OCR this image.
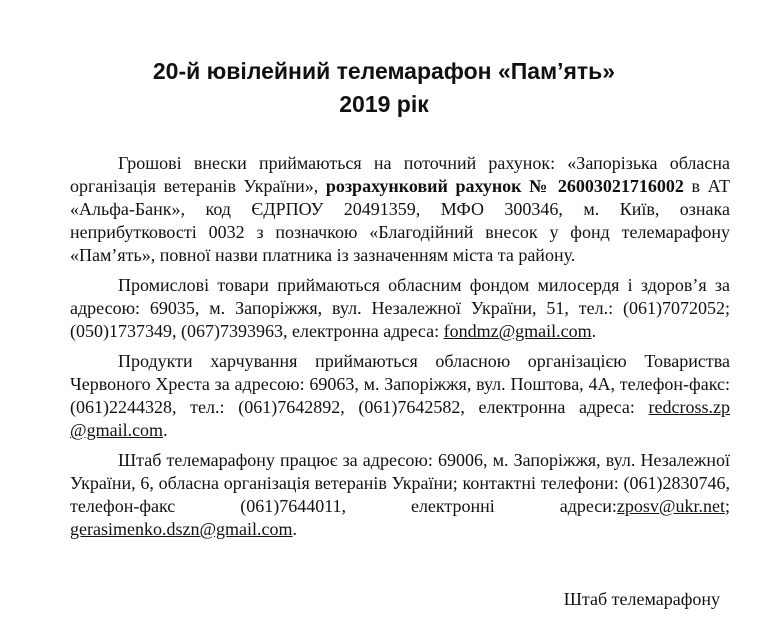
20-й ювілейний телемарафон «Пам’ять»
2019 рік

Грошові внески приймаються на поточний рахунок: «Запорізька обласна організація ветеранів України», розрахунковий рахунок № 26003021716002 в АТ «Альфа-Банк», код ЄДРПОУ 20491359, МФО 300346, м. Київ, ознака неприбутковості 0032 з позначкою «Благодійний внесок у фонд телемарафону «Пам’ять», повної назви платника із зазначенням міста та району.

Промислові товари приймаються обласним фондом милосердя і здоров’я за адресою: 69035, м. Запоріжжя, вул. Незалежної України, 51, тел.: (061)7072052; (050)1737349, (067)7393963, електронна адреса: fondmz@gmail.com.

Продукти харчування приймаються обласною організацією Товариства Червоного Хреста за адресою: 69063, м. Запоріжжя, вул. Поштова, 4А, телефон-факс: (061)2244328, тел.: (061)7642892, (061)7642582, електронна адреса: redcross.zp @gmail.com.

Штаб телемарафону працює за адресою: 69006, м. Запоріжжя, вул. Незалежної України, 6, обласна організація ветеранів України; контактні телефони: (061)2830746, телефон-факс (061)7644011, електронні адреси:zposv@ukr.net; gerasimenko.dszn@gmail.com.

Штаб телемарафону
